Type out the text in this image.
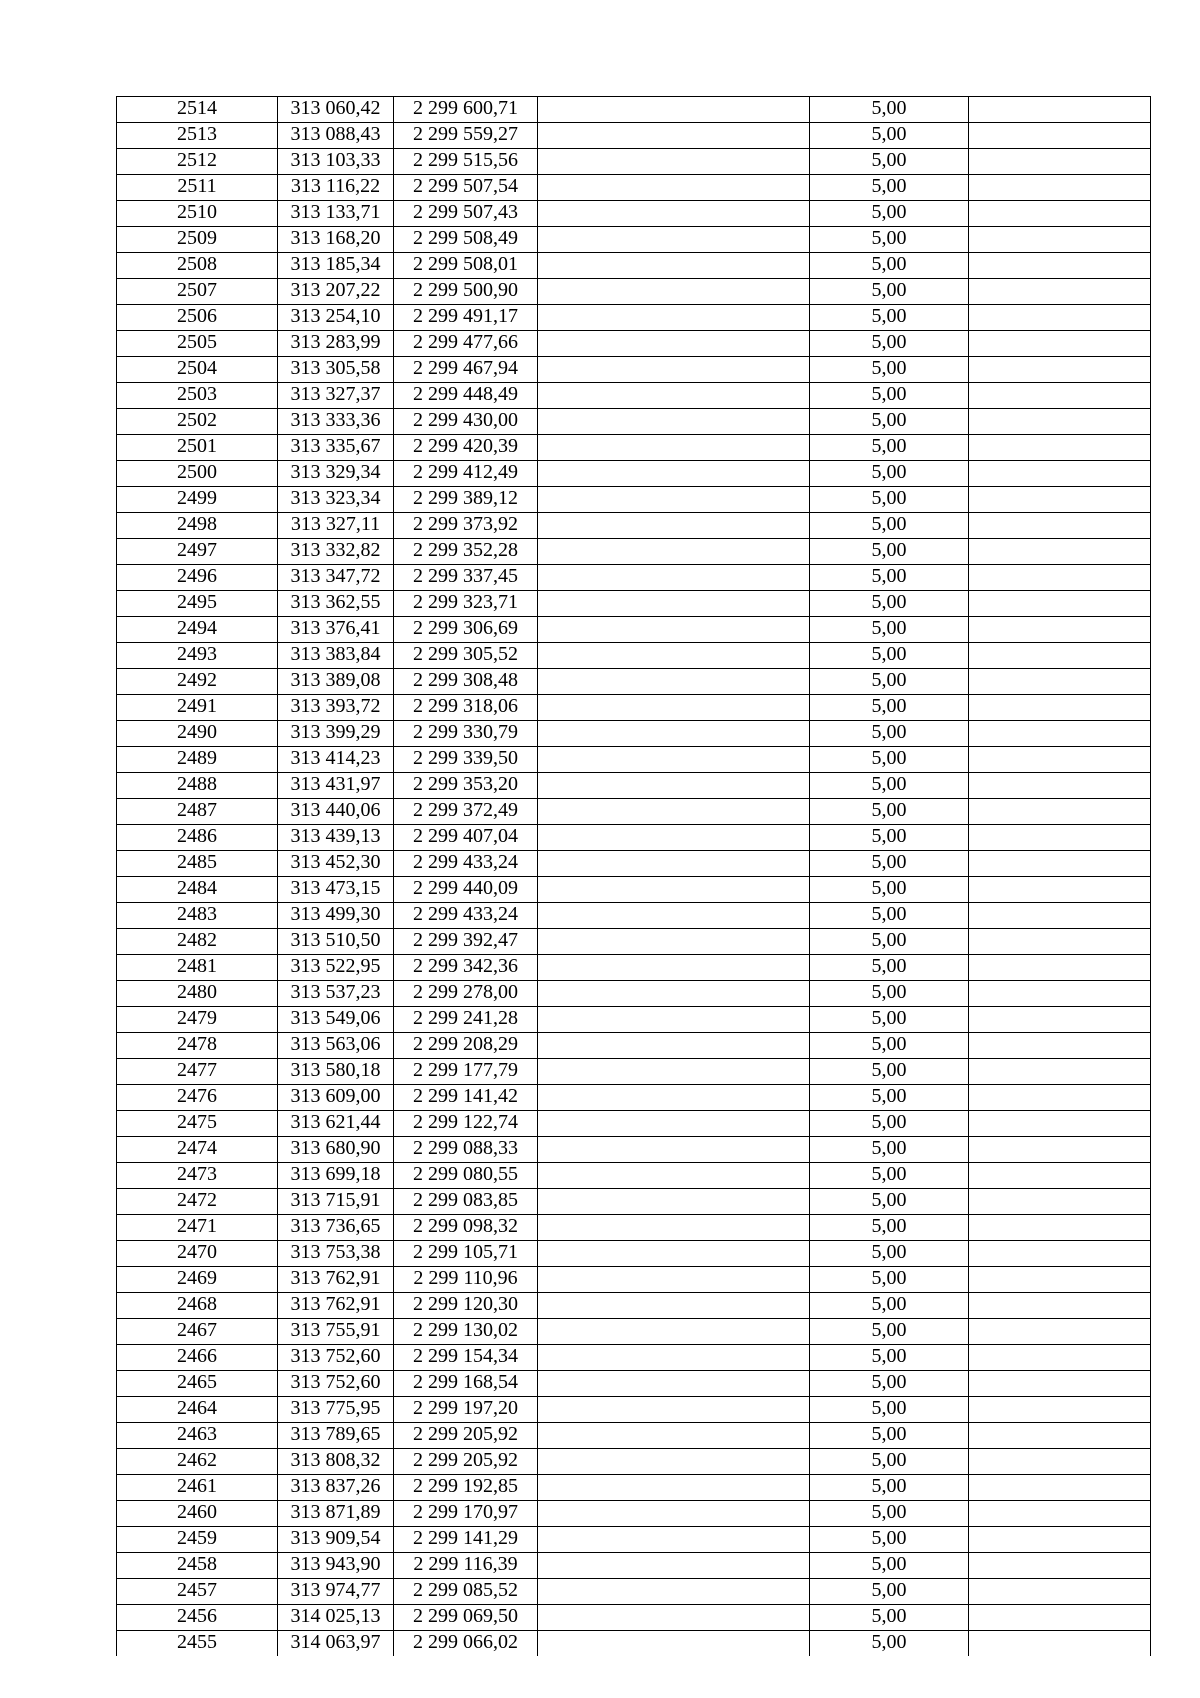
2514	313 060,42	2 299 600,71		5,00	
2513	313 088,43	2 299 559,27		5,00	
2512	313 103,33	2 299 515,56		5,00	
2511	313 116,22	2 299 507,54		5,00	
2510	313 133,71	2 299 507,43		5,00	
2509	313 168,20	2 299 508,49		5,00	
2508	313 185,34	2 299 508,01		5,00	
2507	313 207,22	2 299 500,90		5,00	
2506	313 254,10	2 299 491,17		5,00	
2505	313 283,99	2 299 477,66		5,00	
2504	313 305,58	2 299 467,94		5,00	
2503	313 327,37	2 299 448,49		5,00	
2502	313 333,36	2 299 430,00		5,00	
2501	313 335,67	2 299 420,39		5,00	
2500	313 329,34	2 299 412,49		5,00	
2499	313 323,34	2 299 389,12		5,00	
2498	313 327,11	2 299 373,92		5,00	
2497	313 332,82	2 299 352,28		5,00	
2496	313 347,72	2 299 337,45		5,00	
2495	313 362,55	2 299 323,71		5,00	
2494	313 376,41	2 299 306,69		5,00	
2493	313 383,84	2 299 305,52		5,00	
2492	313 389,08	2 299 308,48		5,00	
2491	313 393,72	2 299 318,06		5,00	
2490	313 399,29	2 299 330,79		5,00	
2489	313 414,23	2 299 339,50		5,00	
2488	313 431,97	2 299 353,20		5,00	
2487	313 440,06	2 299 372,49		5,00	
2486	313 439,13	2 299 407,04		5,00	
2485	313 452,30	2 299 433,24		5,00	
2484	313 473,15	2 299 440,09		5,00	
2483	313 499,30	2 299 433,24		5,00	
2482	313 510,50	2 299 392,47		5,00	
2481	313 522,95	2 299 342,36		5,00	
2480	313 537,23	2 299 278,00		5,00	
2479	313 549,06	2 299 241,28		5,00	
2478	313 563,06	2 299 208,29		5,00	
2477	313 580,18	2 299 177,79		5,00	
2476	313 609,00	2 299 141,42		5,00	
2475	313 621,44	2 299 122,74		5,00	
2474	313 680,90	2 299 088,33		5,00	
2473	313 699,18	2 299 080,55		5,00	
2472	313 715,91	2 299 083,85		5,00	
2471	313 736,65	2 299 098,32		5,00	
2470	313 753,38	2 299 105,71		5,00	
2469	313 762,91	2 299 110,96		5,00	
2468	313 762,91	2 299 120,30		5,00	
2467	313 755,91	2 299 130,02		5,00	
2466	313 752,60	2 299 154,34		5,00	
2465	313 752,60	2 299 168,54		5,00	
2464	313 775,95	2 299 197,20		5,00	
2463	313 789,65	2 299 205,92		5,00	
2462	313 808,32	2 299 205,92		5,00	
2461	313 837,26	2 299 192,85		5,00	
2460	313 871,89	2 299 170,97		5,00	
2459	313 909,54	2 299 141,29		5,00	
2458	313 943,90	2 299 116,39		5,00	
2457	313 974,77	2 299 085,52		5,00	
2456	314 025,13	2 299 069,50		5,00	
2455	314 063,97	2 299 066,02		5,00	
